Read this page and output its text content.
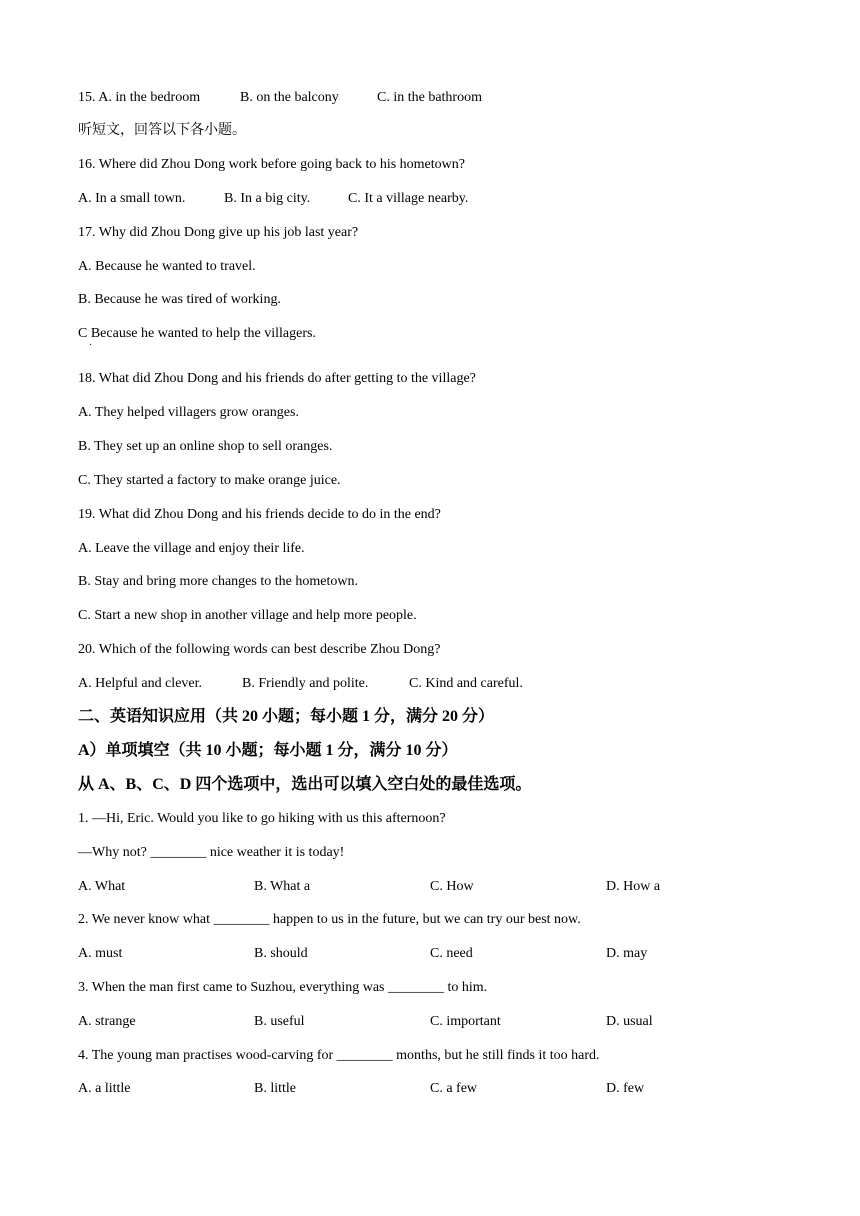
15. A. in the bedroom	B. on the balcony	C. in the bathroom
听短文，回答以下各小题。
16. Where did Zhou Dong work before going back to his hometown?
A. In a small town.	B. In a big city.	C. It a village nearby.
17. Why did Zhou Dong give up his job last year?
A. Because he wanted to travel.
B. Because he was tired of working.
C Because he wanted to help the villagers.
·
18. What did Zhou Dong and his friends do after getting to the village?
A. They helped villagers grow oranges.
B. They set up an online shop to sell oranges.
C. They started a factory to make orange juice.
19. What did Zhou Dong and his friends decide to do in the end?
A. Leave the village and enjoy their life.
B. Stay and bring more changes to the hometown.
C. Start a new shop in another village and help more people.
20. Which of the following words can best describe Zhou Dong?
A. Helpful and clever.	B. Friendly and polite.	C. Kind and careful.
二、英语知识应用（共 20 小题；每小题 1 分，满分 20 分）
A）单项填空（共 10 小题；每小题 1 分，满分 10 分）
从 A、B、C、D 四个选项中，选出可以填入空白处的最佳选项。
1. —Hi, Eric. Would you like to go hiking with us this afternoon?
—Why not? ________ nice weather it is today!
A. What	B. What a	C. How	D. How a
2. We never know what ________ happen to us in the future, but we can try our best now.
A. must	B. should	C. need	D. may
3. When the man first came to Suzhou, everything was ________ to him.
A. strange	B. useful	C. important	D. usual
4. The young man practises wood-carving for ________ months, but he still finds it too hard.
A. a little	B. little	C. a few	D. few
